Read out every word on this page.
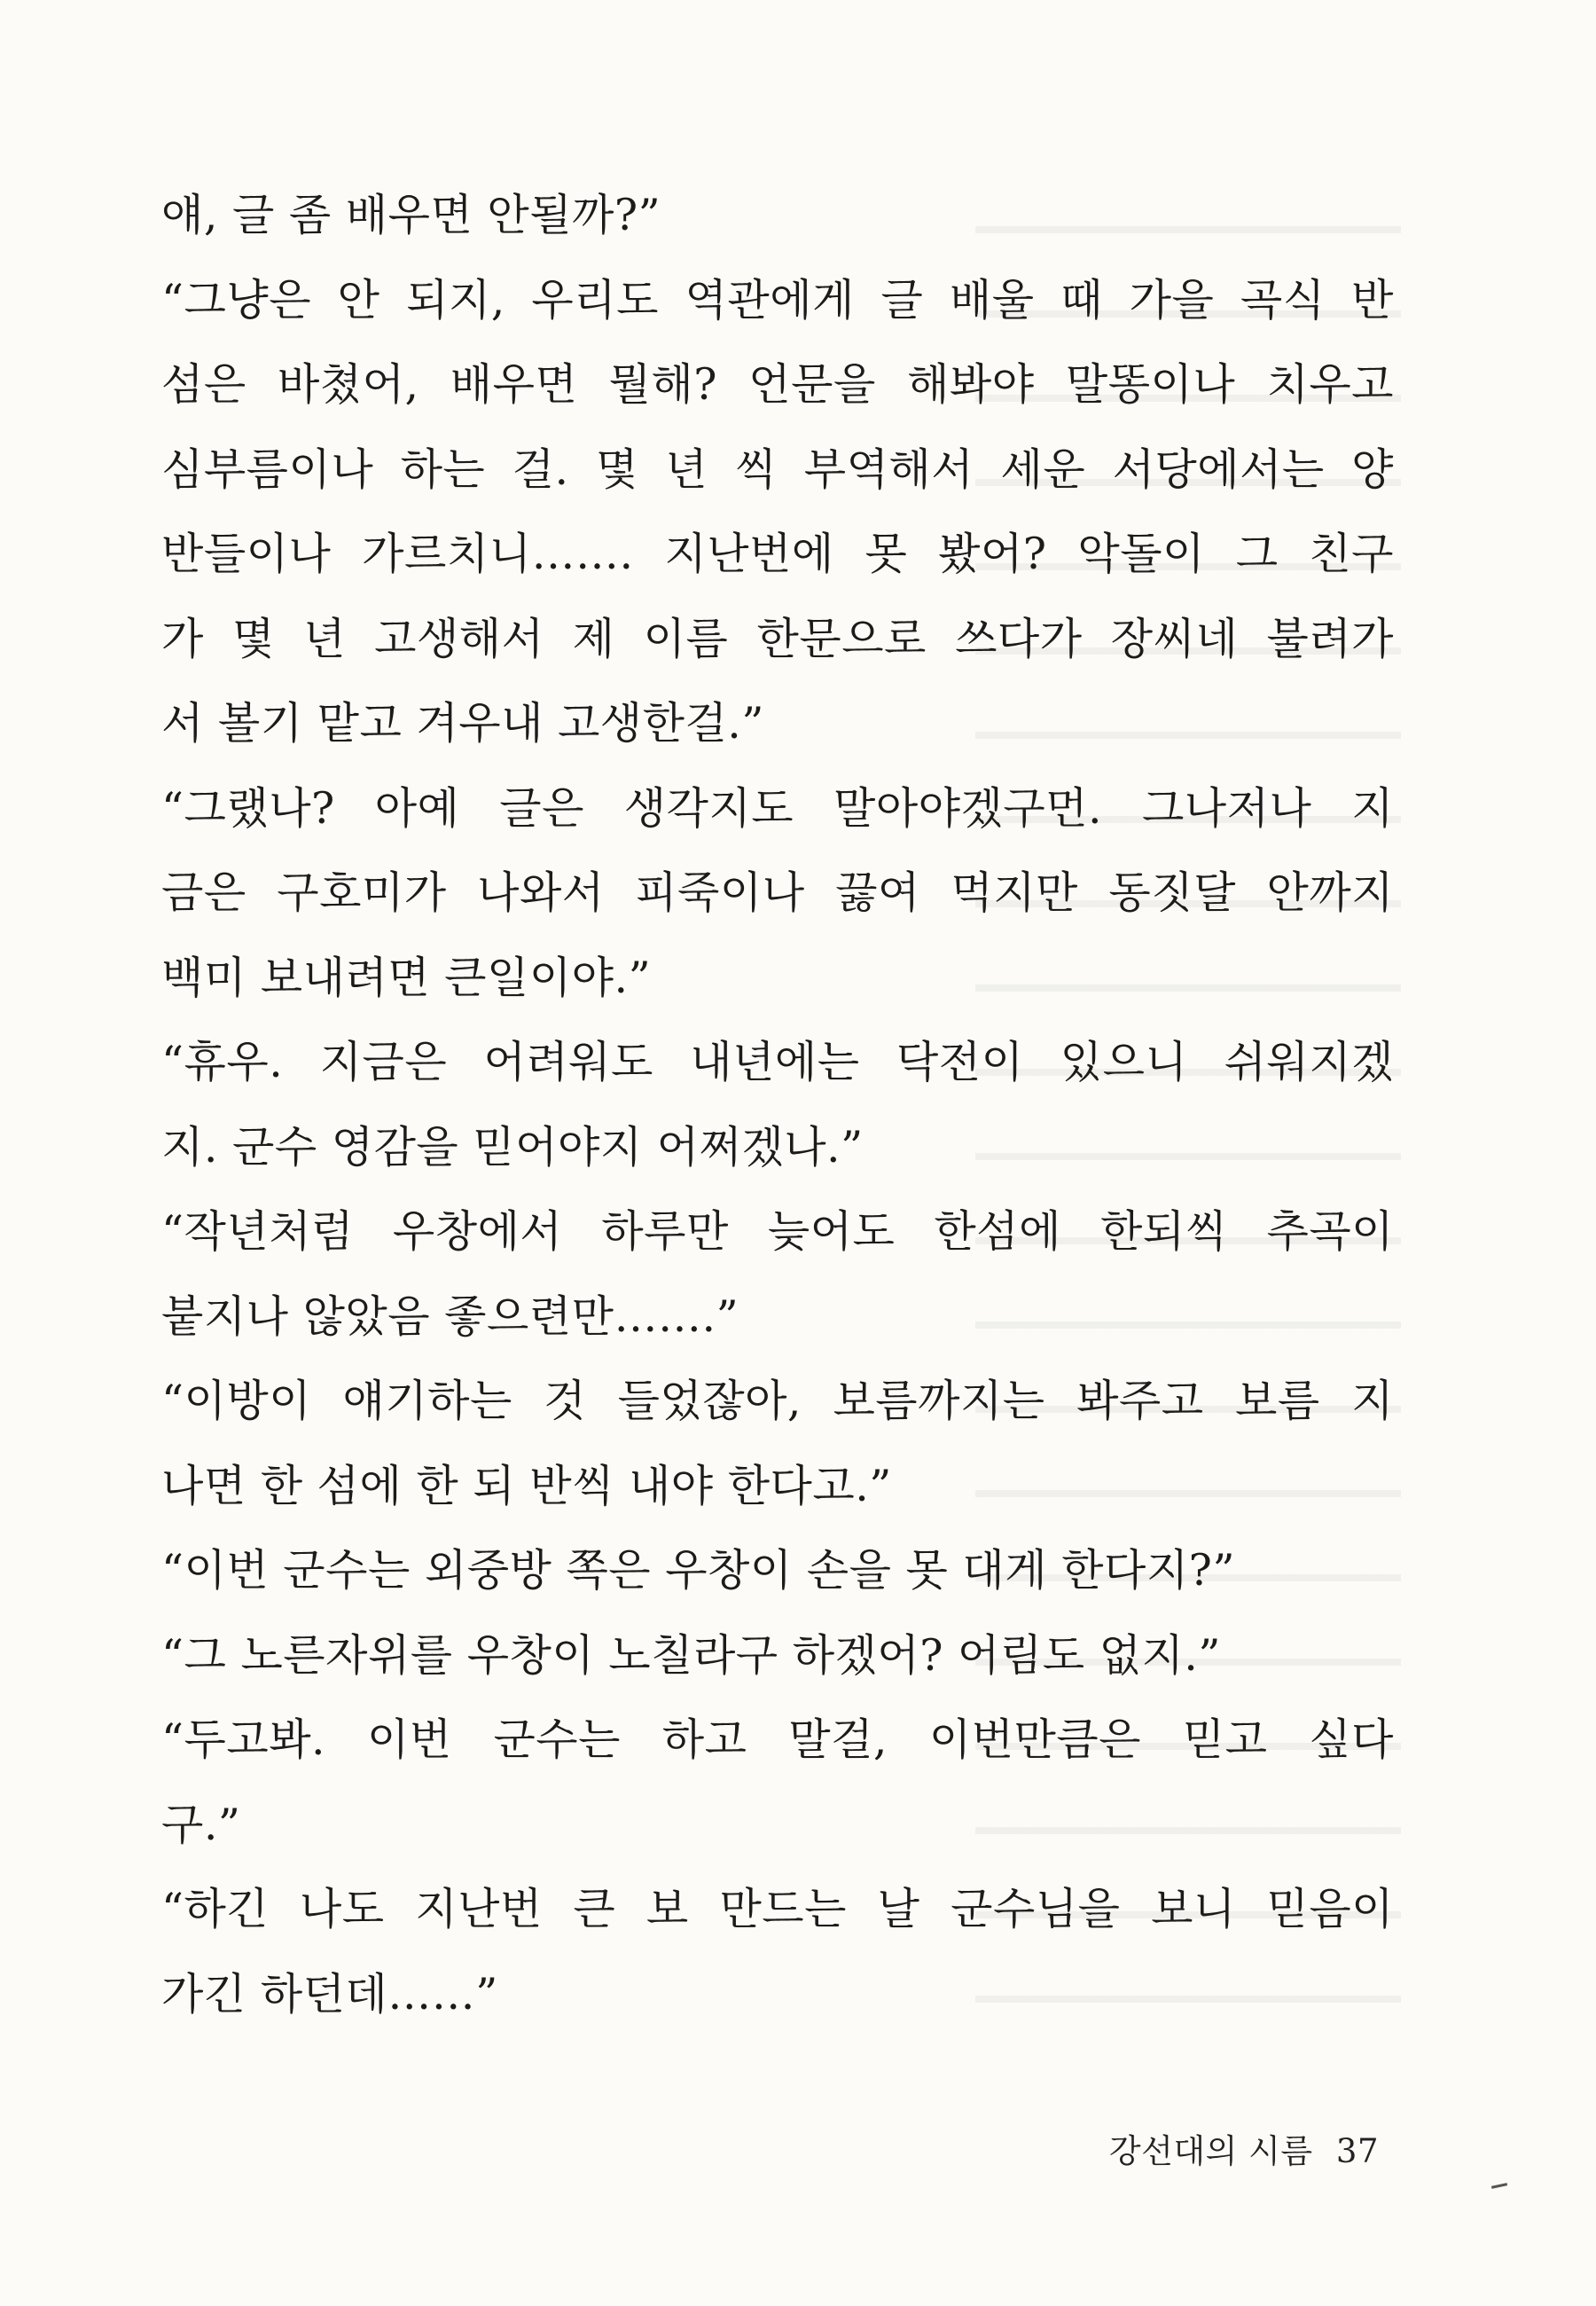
얘, 글 좀 배우면 안될까?”
“그냥은 안 되지, 우리도 역관에게 글 배울 때 가을 곡식 반
섬은 바쳤어, 배우면 뭘해? 언문을 해봐야 말똥이나 치우고
심부름이나 하는 걸. 몇 년 씩 부역해서 세운 서당에서는 양
반들이나 가르치니……. 지난번에 못 봤어? 악돌이 그 친구
가 몇 년 고생해서 제 이름 한문으로 쓰다가 장씨네 불려가
서 볼기 맡고 겨우내 고생한걸.”
“그랬나? 아예 글은 생각지도 말아야겠구먼. 그나저나 지
금은 구호미가 나와서 피죽이나 끓여 먹지만 동짓달 안까지
백미 보내려면 큰일이야.”
“휴우. 지금은 어려워도 내년에는 닥전이 있으니 쉬워지겠
지. 군수 영감을 믿어야지 어쩌겠나.”
“작년처럼 우창에서 하루만 늦어도 한섬에 한되씩 추곡이
붙지나 않았음 좋으련만…….”
“이방이 얘기하는 것 들었잖아, 보름까지는 봐주고 보름 지
나면 한 섬에 한 되 반씩 내야 한다고.”
“이번 군수는 외중방 쪽은 우창이 손을 못 대게 한다지?”
“그 노른자위를 우창이 노칠라구 하겠어? 어림도 없지.”
“두고봐. 이번 군수는 하고 말걸, 이번만큼은 믿고 싶다
구.”
“하긴 나도 지난번 큰 보 만드는 날 군수님을 보니 믿음이
가긴 하던데……”
강선대의 시름 37
